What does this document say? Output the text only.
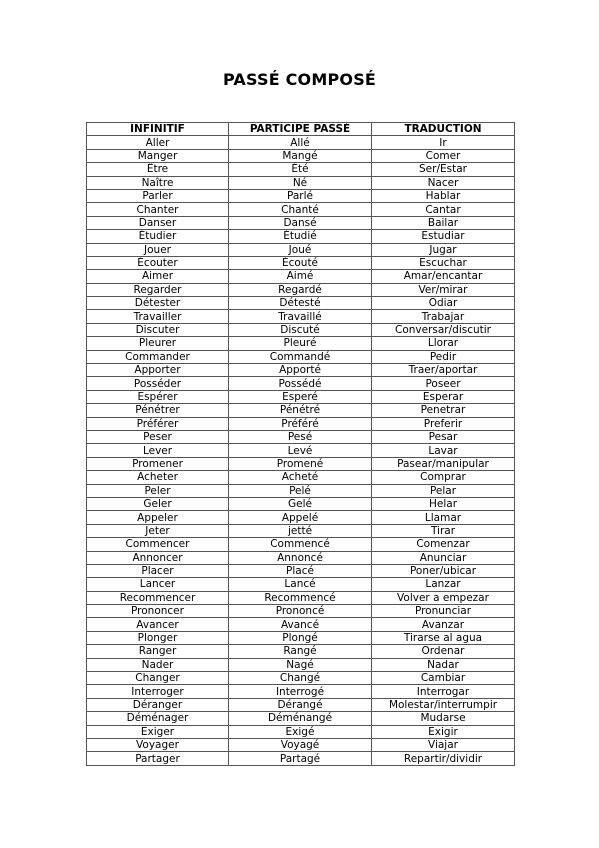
PASSÉ COMPOSÉ
INFINITIF	PARTICIPE PASSÉ	TRADUCTION
Aller	Allé	Ir
Manger	Mangé	Comer
Être	Été	Ser/Estar
Naître	Né	Nacer
Parler	Parlé	Hablar
Chanter	Chanté	Cantar
Danser	Dansé	Bailar
Étudier	Étudié	Estudiar
Jouer	Joué	Jugar
Écouter	Écouté	Escuchar
Aimer	Aimé	Amar/encantar
Regarder	Regardé	Ver/mirar
Détester	Détesté	Odiar
Travailler	Travaillé	Trabajar
Discuter	Discuté	Conversar/discutir
Pleurer	Pleuré	Llorar
Commander	Commandé	Pedir
Apporter	Apporté	Traer/aportar
Posséder	Possédé	Poseer
Espérer	Esperé	Esperar
Pénétrer	Pénétré	Penetrar
Préférer	Préféré	Preferir
Peser	Pesé	Pesar
Lever	Levé	Lavar
Promener	Promené	Pasear/manipular
Acheter	Acheté	Comprar
Peler	Pelé	Pelar
Geler	Gelé	Helar
Appeler	Appelé	Llamar
Jeter	jetté	Tirar
Commencer	Commencé	Comenzar
Annoncer	Annoncé	Anunciar
Placer	Placé	Poner/ubicar
Lancer	Lancé	Lanzar
Recommencer	Recommencé	Volver a empezar
Prononcer	Prononcé	Pronunciar
Avancer	Avancé	Avanzar
Plonger	Plongé	Tirarse al agua
Ranger	Rangé	Ordenar
Nader	Nagé	Nadar
Changer	Changé	Cambiar
Interroger	Interrogé	Interrogar
Déranger	Dérangé	Molestar/interrumpir
Déménager	Déménangé	Mudarse
Exiger	Exigé	Exigir
Voyager	Voyagé	Viajar
Partager	Partagé	Repartir/dividir
